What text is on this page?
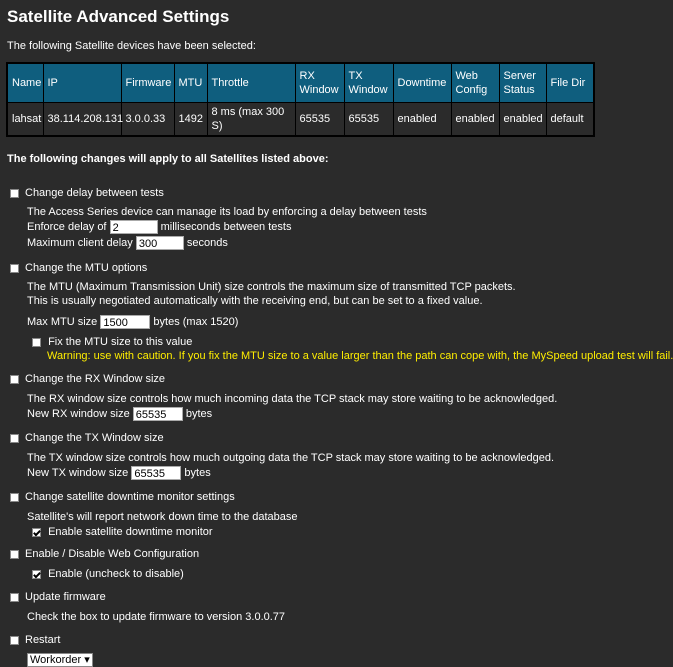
Satellite Advanced Settings
The following Satellite devices have been selected:
Name	IP	Firmware	MTU	Throttle	RX Window	TX Window	Downtime	Web Config	Server Status	File Dir
lahsat	38.114.208.131	3.0.0.33	1492	8 ms (max 300 S)	65535	65535	enabled	enabled	enabled	default
The following changes will apply to all Satellites listed above:
Change delay between tests
The Access Series device can manage its load by enforcing a delay between tests
Enforce delay of 2	milliseconds between tests
Maximum client delay 300	seconds
Change the MTU options
The MTU (Maximum Transmission Unit) size controls the maximum size of transmitted TCP packets.
This is usually negotiated automatically with the receiving end, but can be set to a fixed value.
Max MTU size 1500 bytes (max 1520)
Fix the MTU size to this value
Warning: use with caution. If you fix the MTU size to a value larger than the path can cope with, the MySpeed upload test will fail.
Change the RX Window size
The RX window size controls how much incoming data the TCP stack may store waiting to be acknowledged.
New RX window size 65535 bytes
Change the TX Window size
The TX window size controls how much outgoing data the TCP stack may store waiting to be acknowledged.
New TX window size 65535 bytes
Change satellite downtime monitor settings
Satellite's will report network down time to the database
Enable satellite downtime monitor
Enable / Disable Web Configuration
Enable (uncheck to disable)
Update firmware
Check the box to update firmware to version 3.0.0.77
Restart
Workorder ▾
